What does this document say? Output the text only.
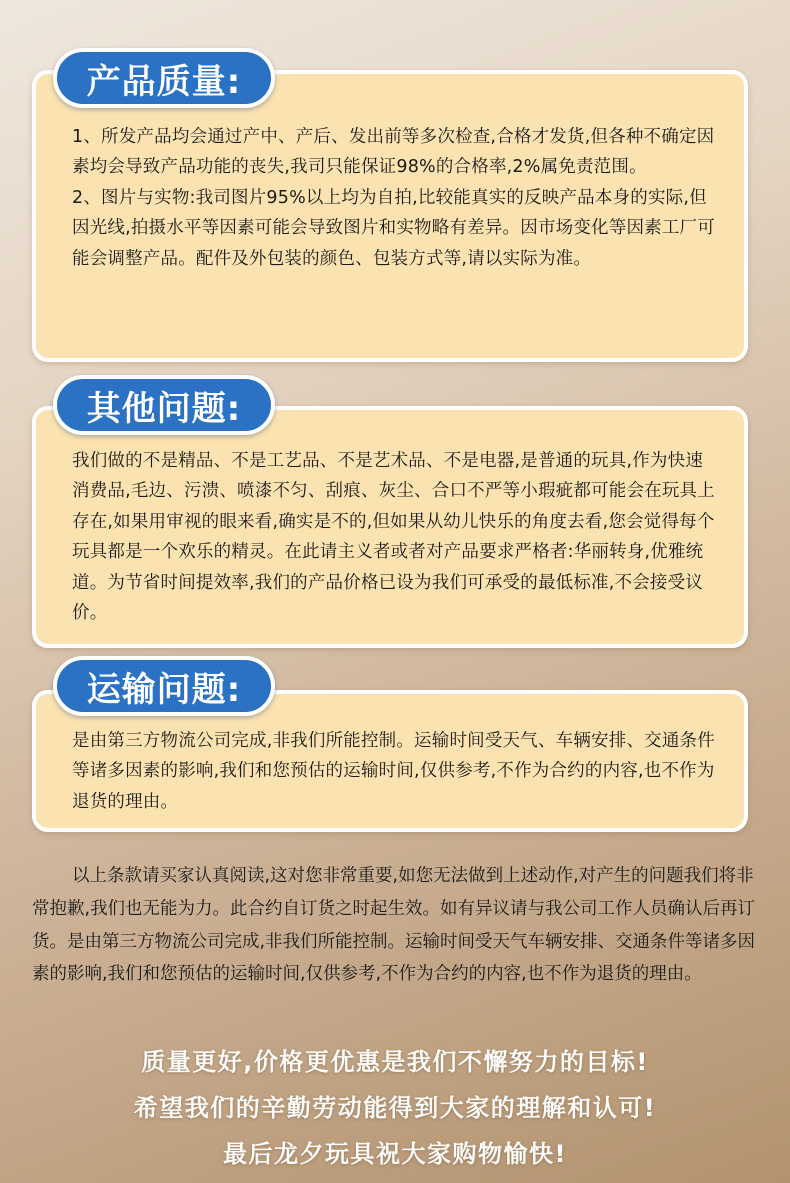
1、所发产品均会通过产中、产后、发出前等多次检查,合格才发货,但各种不确定因素均会导致产品功能的丧失,我司只能保证98%的合格率,2%属免责范围。

2、图片与实物:我司图片95%以上均为自拍,比较能真实的反映产品本身的实际,但因光线,拍摄水平等因素可能会导致图片和实物略有差异。因市场变化等因素工厂可能会调整产品。配件及外包装的颜色、包装方式等,请以实际为准。

产品质量:

我们做的不是精品、不是工艺品、不是艺术品、不是电器,是普通的玩具,作为快速消费品,毛边、污溃、喷漆不匀、刮痕、灰尘、合口不严等小瑕疵都可能会在玩具上存在,如果用审视的眼来看,确实是不的,但如果从幼儿快乐的角度去看,您会觉得每个玩具都是一个欢乐的精灵。在此请主义者或者对产品要求严格者:华丽转身,优雅统道。为节省时间提效率,我们的产品价格已设为我们可承受的最低标准,不会接受议价。

其他问题:

是由第三方物流公司完成,非我们所能控制。运输时间受天气、车辆安排、交通条件等诸多因素的影响,我们和您预估的运输时间,仅供参考,不作为合约的内容,也不作为退货的理由。

运输问题:

以上条款请买家认真阅读,这对您非常重要,如您无法做到上述动作,对产生的问题我们将非常抱歉,我们也无能为力。此合约自订货之时起生效。如有异议请与我公司工作人员确认后再订货。是由第三方物流公司完成,非我们所能控制。运输时间受天气车辆安排、交通条件等诸多因素的影响,我们和您预估的运输时间,仅供参考,不作为合约的内容,也不作为退货的理由。

质量更好,价格更优惠是我们不懈努力的目标!
希望我们的辛勤劳动能得到大家的理解和认可!
最后龙夕玩具祝大家购物愉快!
